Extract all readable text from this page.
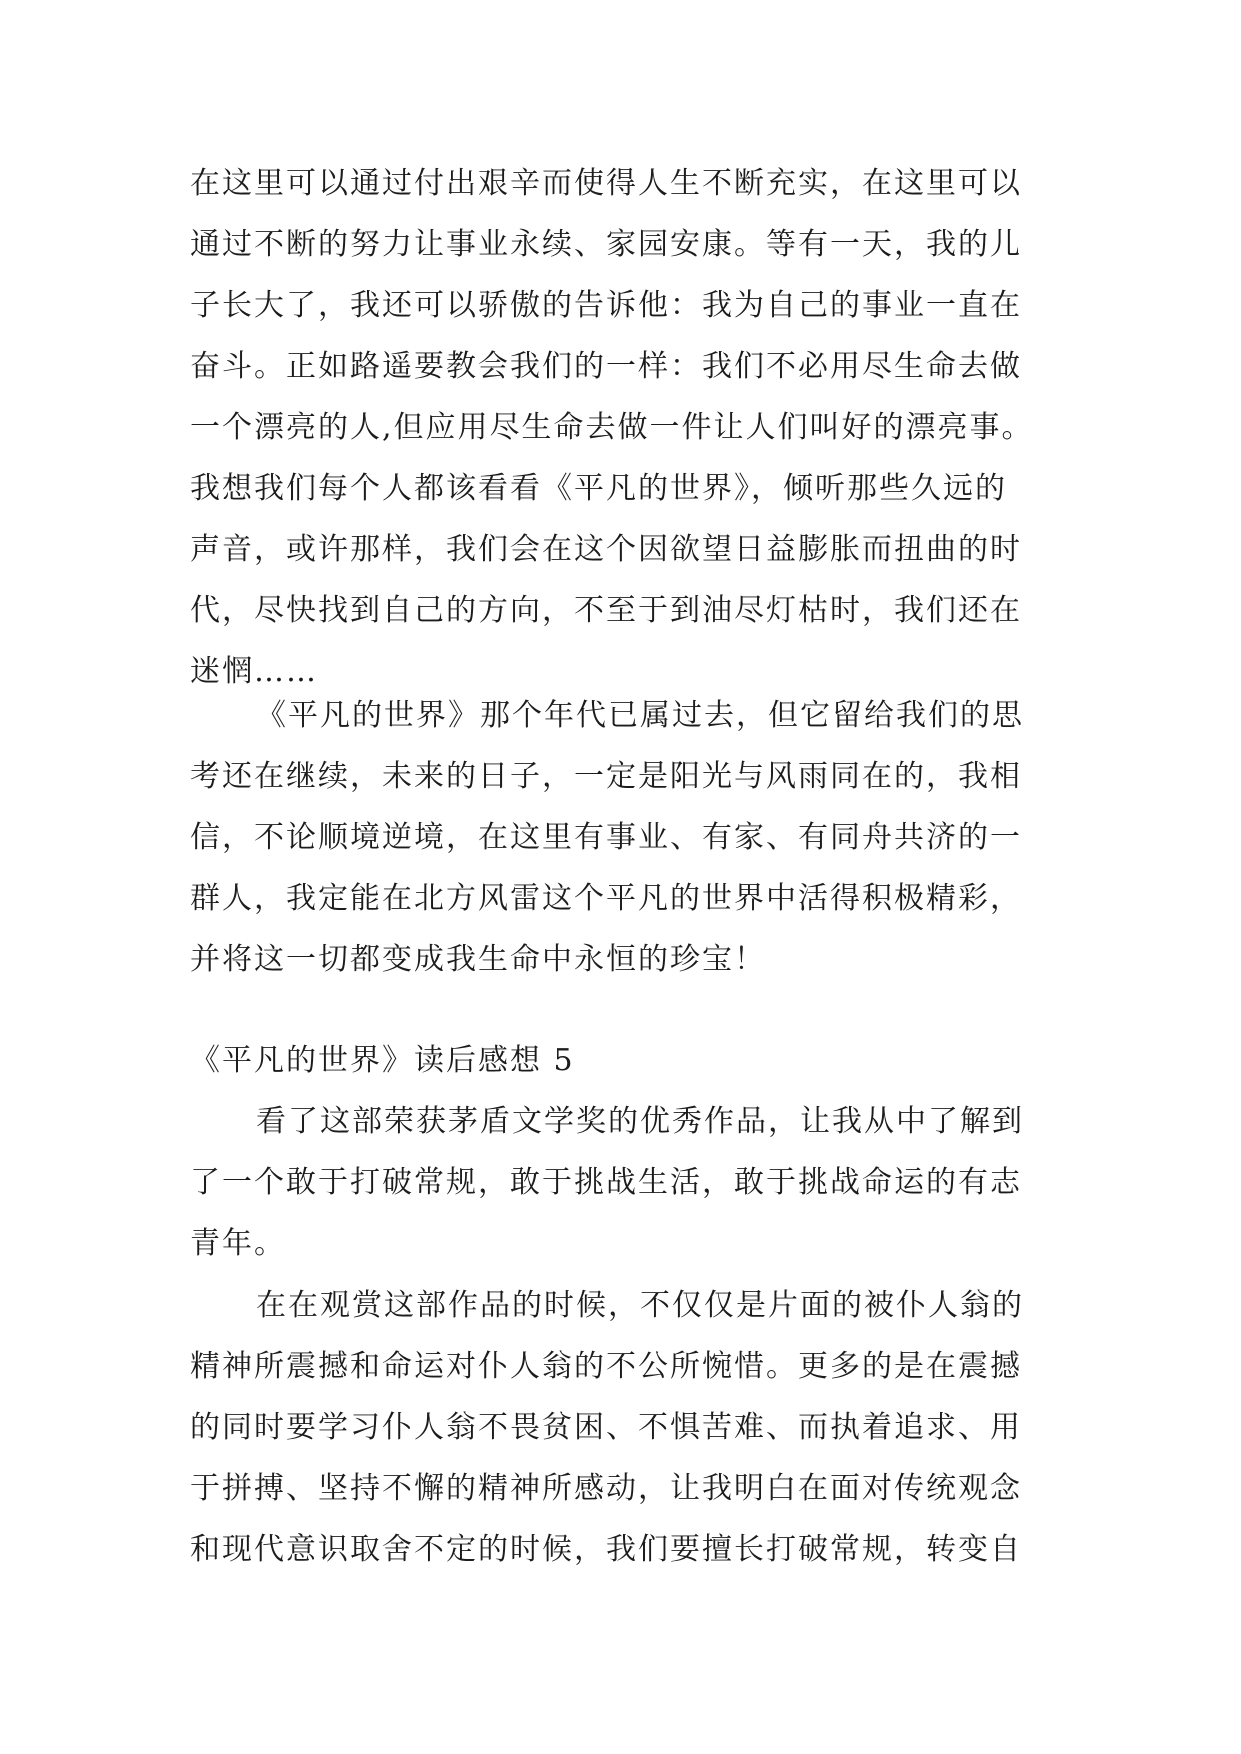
在这里可以通过付出艰辛而使得人生不断充实，在这里可以
通过不断的努力让事业永续、家园安康。等有一天，我的儿
子长大了，我还可以骄傲的告诉他：我为自己的事业一直在
奋斗。正如路遥要教会我们的一样：我们不必用尽生命去做
一个漂亮的人,但应用尽生命去做一件让人们叫好的漂亮事。
我想我们每个人都该看看《平凡的世界》，倾听那些久远的
声音，或许那样，我们会在这个因欲望日益膨胀而扭曲的时
代，尽快找到自己的方向，不至于到油尽灯枯时，我们还在
迷惘……
《平凡的世界》那个年代已属过去，但它留给我们的思
考还在继续，未来的日子，一定是阳光与风雨同在的，我相
信，不论顺境逆境，在这里有事业、有家、有同舟共济的一
群人，我定能在北方风雷这个平凡的世界中活得积极精彩，
并将这一切都变成我生命中永恒的珍宝！
《平凡的世界》读后感想 5
看了这部荣获茅盾文学奖的优秀作品，让我从中了解到
了一个敢于打破常规，敢于挑战生活，敢于挑战命运的有志
青年。
在在观赏这部作品的时候，不仅仅是片面的被仆人翁的
精神所震撼和命运对仆人翁的不公所惋惜。更多的是在震撼
的同时要学习仆人翁不畏贫困、不惧苦难、而执着追求、用
于拼搏、坚持不懈的精神所感动，让我明白在面对传统观念
和现代意识取舍不定的时候，我们要擅长打破常规，转变自
